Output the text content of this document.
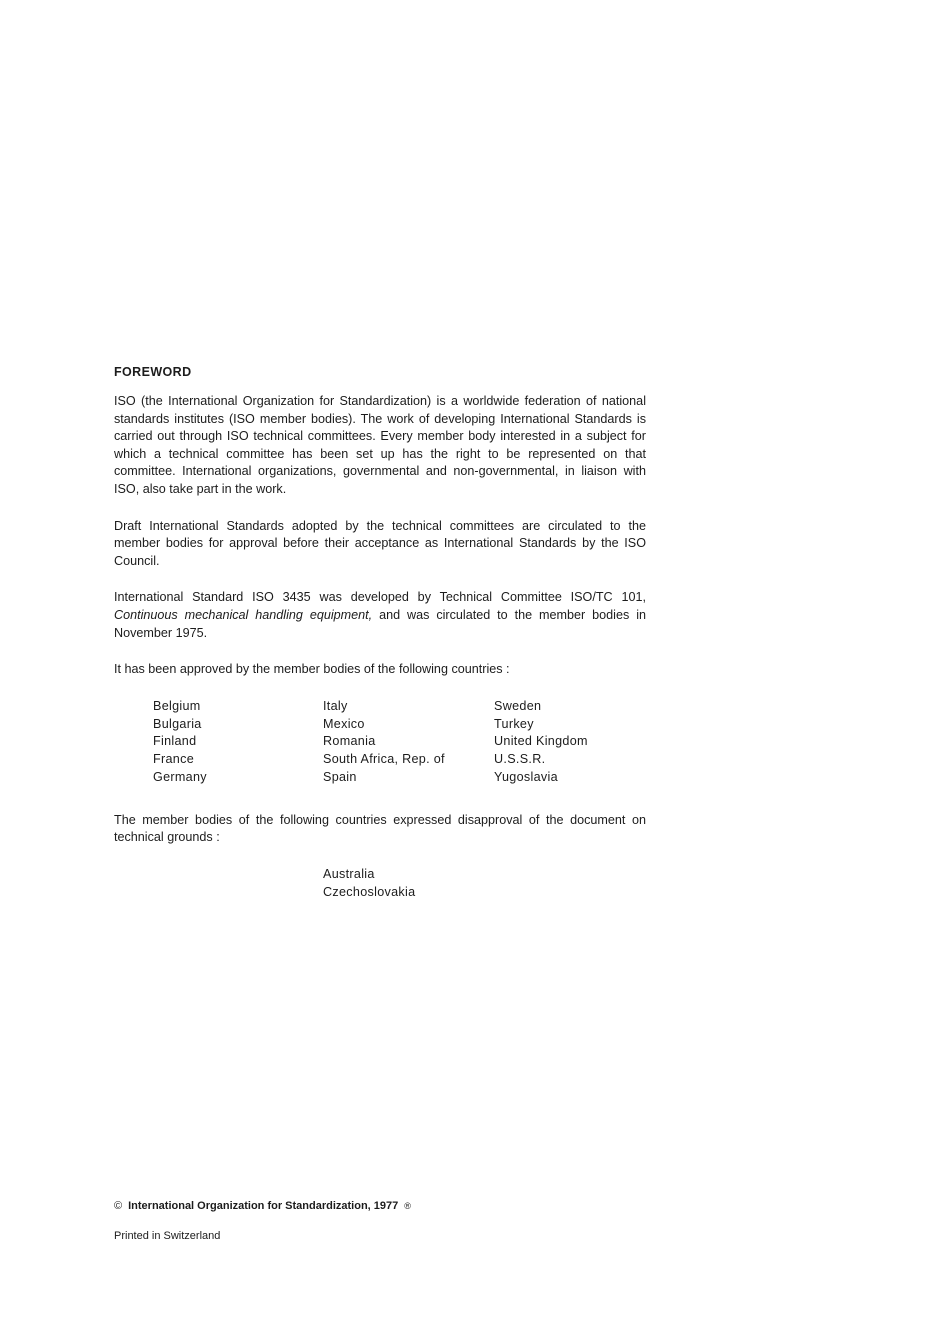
FOREWORD

ISO (the International Organization for Standardization) is a worldwide federation of national standards institutes (ISO member bodies). The work of developing International Standards is carried out through ISO technical committees. Every member body interested in a subject for which a technical committee has been set up has the right to be represented on that committee. International organizations, governmental and non-governmental, in liaison with ISO, also take part in the work.

Draft International Standards adopted by the technical committees are circulated to the member bodies for approval before their acceptance as International Standards by the ISO Council.

International Standard ISO 3435 was developed by Technical Committee ISO/TC 101, Continuous mechanical handling equipment, and was circulated to the member bodies in November 1975.

It has been approved by the member bodies of the following countries :

Belgium
Bulgaria
Finland
France
Germany
Italy
Mexico
Romania
South Africa, Rep. of
Spain
Sweden
Turkey
United Kingdom
U.S.S.R.
Yugoslavia

The member bodies of the following countries expressed disapproval of the document on technical grounds :

Australia
Czechoslovakia
© International Organization for Standardization, 1977 ®
Printed in Switzerland
